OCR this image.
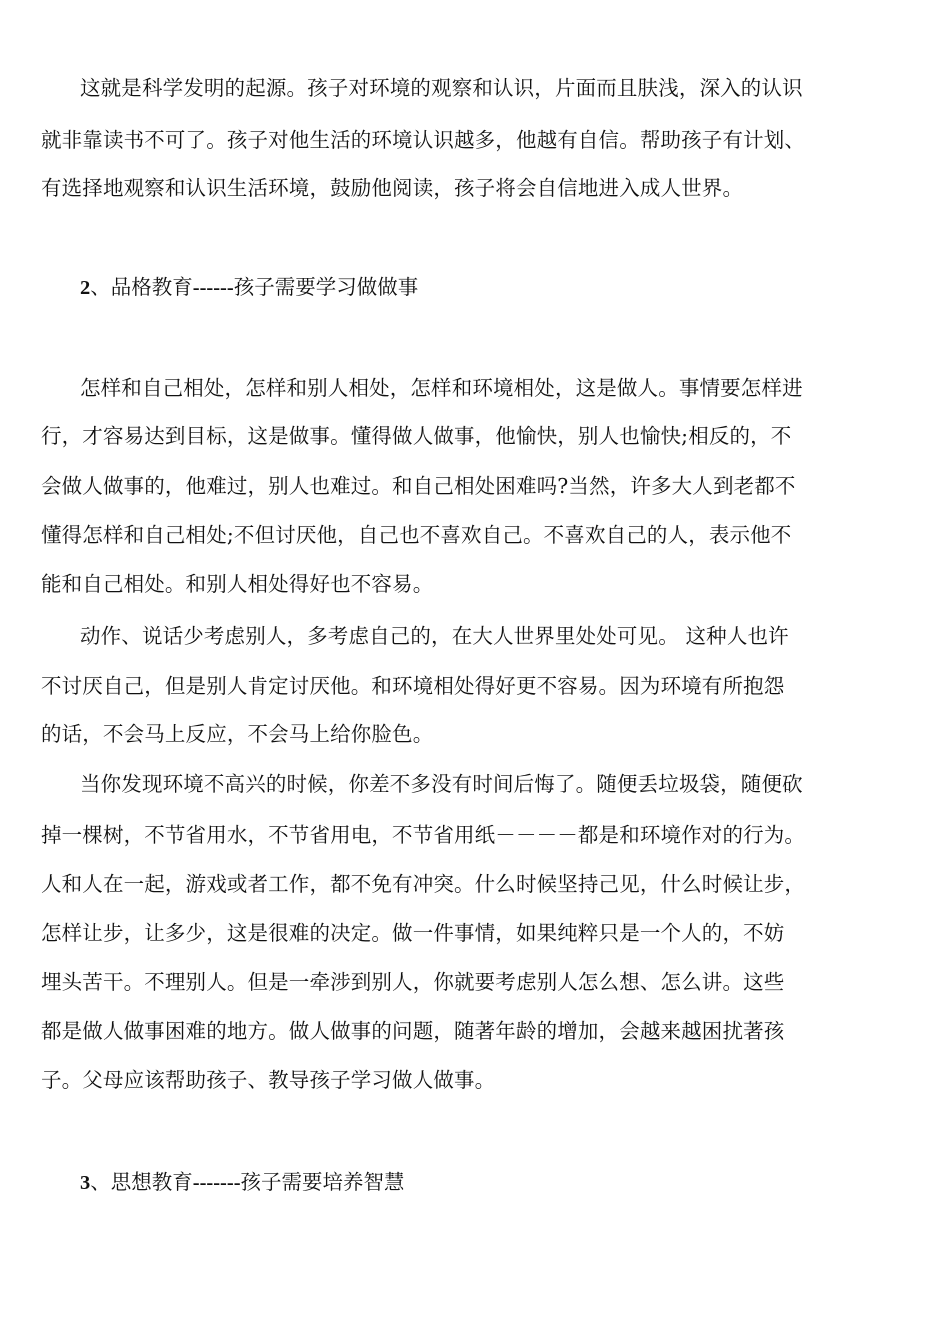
这就是科学发明的起源。孩子对环境的观察和认识，片面而且肤浅，深入的认识
就非靠读书不可了。孩子对他生活的环境认识越多，他越有自信。帮助孩子有计划、
有选择地观察和认识生活环境，鼓励他阅读，孩子将会自信地进入成人世界。
2、品格教育------孩子需要学习做做事
怎样和自己相处，怎样和别人相处，怎样和环境相处，这是做人。事情要怎样进
行，才容易达到目标，这是做事。懂得做人做事，他愉快，别人也愉快;相反的，不
会做人做事的，他难过，别人也难过。和自己相处困难吗?当然，许多大人到老都不
懂得怎样和自己相处;不但讨厌他，自己也不喜欢自己。不喜欢自己的人，表示他不
能和自己相处。和别人相处得好也不容易。
动作、说话少考虑别人，多考虑自己的，在大人世界里处处可见。 这种人也许
不讨厌自己，但是别人肯定讨厌他。和环境相处得好更不容易。因为环境有所抱怨
的话，不会马上反应，不会马上给你脸色。
当你发现环境不高兴的时候，你差不多没有时间后悔了。随便丢垃圾袋，随便砍
掉一棵树，不节省用水，不节省用电，不节省用纸－－－－都是和环境作对的行为。
人和人在一起，游戏或者工作，都不免有冲突。什么时候坚持己见，什么时候让步，
怎样让步，让多少，这是很难的决定。做一件事情，如果纯粹只是一个人的，不妨
埋头苦干。不理别人。但是一牵涉到别人，你就要考虑别人怎么想、怎么讲。这些
都是做人做事困难的地方。做人做事的问题，随著年龄的增加，会越来越困扰著孩
子。父母应该帮助孩子、教导孩子学习做人做事。
3、思想教育-------孩子需要培养智慧
